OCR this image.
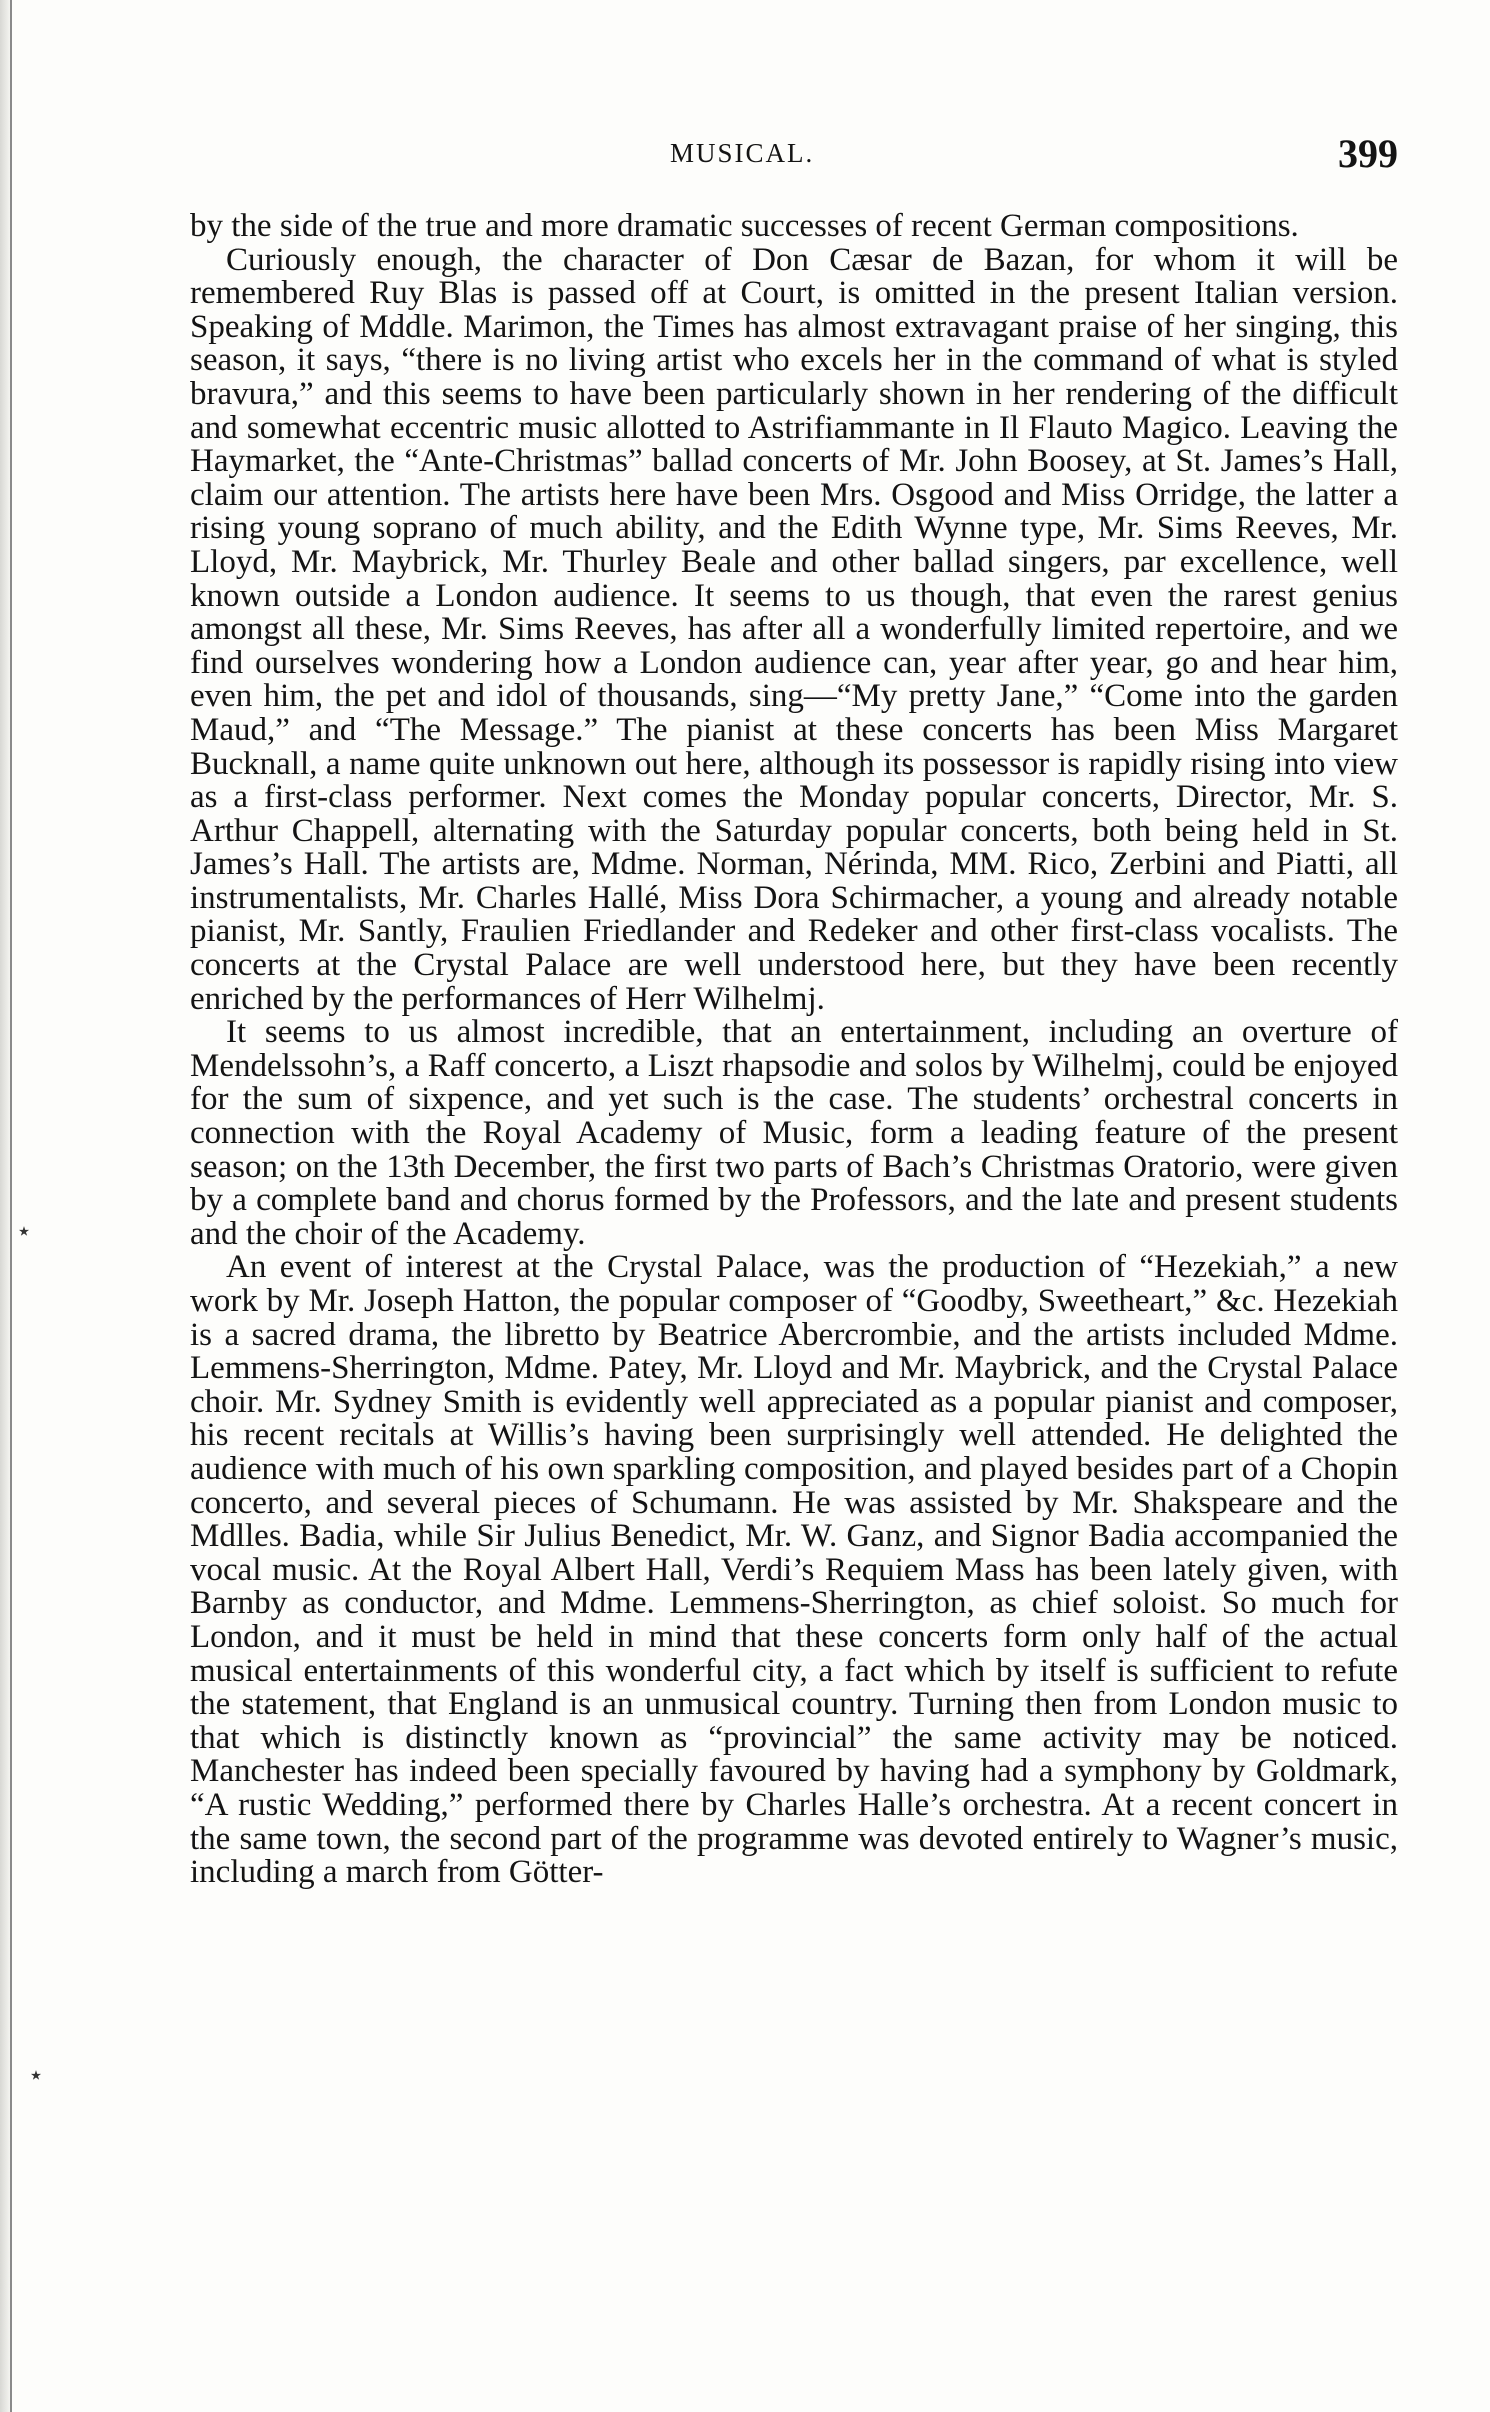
MUSICAL.	399
٭
٭

by the side of the true and more dramatic successes of recent German compositions.

Curiously enough, the character of Don Cæsar de Bazan, for whom it will be remembered Ruy Blas is passed off at Court, is omitted in the present Italian version. Speaking of Mddle. Marimon, the Times has almost extravagant praise of her singing, this season, it says, “there is no living artist who excels her in the command of what is styled bravura,” and this seems to have been particularly shown in her rendering of the difficult and somewhat eccentric music allotted to Astrifiammante in Il Flauto Magico. Leaving the Haymarket, the “Ante-Christmas” ballad concerts of Mr. John Boosey, at St. James’s Hall, claim our attention. The artists here have been Mrs. Osgood and Miss Orridge, the latter a rising young soprano of much ability, and the Edith Wynne type, Mr. Sims Reeves, Mr. Lloyd, Mr. Maybrick, Mr. Thurley Beale and other ballad singers, par excellence, well known outside a London audience. It seems to us though, that even the rarest genius amongst all these, Mr. Sims Reeves, has after all a wonderfully limited repertoire, and we find ourselves wondering how a London audience can, year after year, go and hear him, even him, the pet and idol of thousands, sing—“My pretty Jane,” “Come into the garden Maud,” and “The Message.” The pianist at these concerts has been Miss Margaret Bucknall, a name quite unknown out here, although its possessor is rapidly rising into view as a first-class performer. Next comes the Monday popular concerts, Director, Mr. S. Arthur Chappell, alternating with the Saturday popular concerts, both being held in St. James’s Hall. The artists are, Mdme. Norman, Nérinda, MM. Rico, Zerbini and Piatti, all instrumentalists, Mr. Charles Hallé, Miss Dora Schirmacher, a young and already notable pianist, Mr. Santly, Fraulien Friedlander and Redeker and other first-class vocalists. The concerts at the Crystal Palace are well understood here, but they have been recently enriched by the performances of Herr Wilhelmj.

It seems to us almost incredible, that an entertainment, including an overture of Mendelssohn’s, a Raff concerto, a Liszt rhapsodie and solos by Wilhelmj, could be enjoyed for the sum of sixpence, and yet such is the case. The students’ orchestral concerts in connection with the Royal Academy of Music, form a leading feature of the present season; on the 13th December, the first two parts of Bach’s Christmas Oratorio, were given by a complete band and chorus formed by the Professors, and the late and present students and the choir of the Academy.

An event of interest at the Crystal Palace, was the production of “Hezekiah,” a new work by Mr. Joseph Hatton, the popular composer of “Goodby, Sweetheart,” &c. Hezekiah is a sacred drama, the libretto by Beatrice Abercrombie, and the artists included Mdme. Lemmens-Sherrington, Mdme. Patey, Mr. Lloyd and Mr. Maybrick, and the Crystal Palace choir. Mr. Sydney Smith is evidently well appreciated as a popular pianist and composer, his recent recitals at Willis’s having been surprisingly well attended. He delighted the audience with much of his own sparkling composition, and played besides part of a Chopin concerto, and several pieces of Schumann. He was assisted by Mr. Shakspeare and the Mdlles. Badia, while Sir Julius Benedict, Mr. W. Ganz, and Signor Badia accompanied the vocal music. At the Royal Albert Hall, Verdi’s Requiem Mass has been lately given, with Barnby as conductor, and Mdme. Lemmens-Sherrington, as chief soloist. So much for London, and it must be held in mind that these concerts form only half of the actual musical entertainments of this wonderful city, a fact which by itself is sufficient to refute the statement, that England is an unmusical country. Turning then from London music to that which is distinctly known as “provincial” the same activity may be noticed. Manchester has indeed been specially favoured by having had a symphony by Goldmark, “A rustic Wedding,” performed there by Charles Halle’s orchestra. At a recent concert in the same town, the second part of the programme was devoted entirely to Wagner’s music, including a march from Götter-
